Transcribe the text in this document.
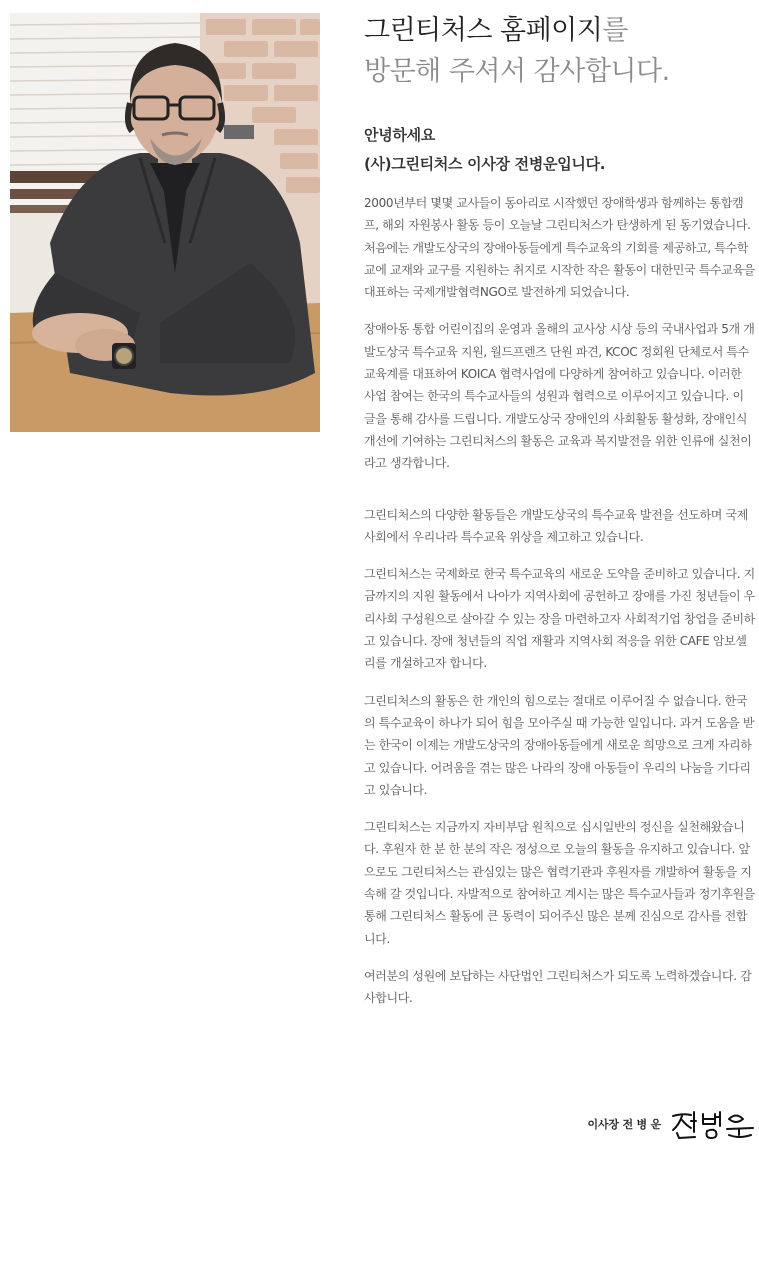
그린티처스 홈페이지를
방문해 주셔서 감사합니다.
안녕하세요
(사)그린티처스 이사장 전병운입니다.

2000년부터 몇몇 교사들이 동아리로 시작했던 장애학생과 함께하는 통합캠프, 해외 자원봉사 활동 등이 오늘날 그린티처스가 탄생하게 된 동기였습니다. 처음에는 개발도상국의 장애아동들에게 특수교육의 기회를 제공하고, 특수학교에 교재와 교구를 지원하는 취지로 시작한 작은 활동이 대한민국 특수교육을 대표하는 국제개발협력NGO로 발전하게 되었습니다.

장애아동 통합 어린이집의 운영과 올해의 교사상 시상 등의 국내사업과 5개 개발도상국 특수교육 지원, 월드프렌즈 단원 파견, KCOC 정회원 단체로서 특수교육계를 대표하여 KOICA 협력사업에 다양하게 참여하고 있습니다. 이러한 사업 참여는 한국의 특수교사들의 성원과 협력으로 이루어지고 있습니다. 이 글을 통해 감사를 드립니다. 개발도상국 장애인의 사회활동 활성화, 장애인식 개선에 기여하는 그린티처스의 활동은 교육과 복지발전을 위한 인류애 실천이라고 생각합니다.

그린티처스의 다양한 활동들은 개발도상국의 특수교육 발전을 선도하며 국제사회에서 우리나라 특수교육 위상을 제고하고 있습니다.

그린티처스는 국제화로 한국 특수교육의 새로운 도약을 준비하고 있습니다. 지금까지의 지원 활동에서 나아가 지역사회에 공헌하고 장애를 가진 청년들이 우리사회 구성원으로 살아갈 수 있는 장을 마련하고자 사회적기업 창업을 준비하고 있습니다. 장애 청년들의 직업 재활과 지역사회 적응을 위한 CAFE 암보셀리를 개설하고자 합니다.

그린티처스의 활동은 한 개인의 힘으로는 절대로 이루어질 수 없습니다. 한국의 특수교육이 하나가 되어 힘을 모아주실 때 가능한 일입니다. 과거 도움을 받는 한국이 이제는 개발도상국의 장애아동들에게 새로운 희망으로 크게 자리하고 있습니다. 어려움을 겪는 많은 나라의 장애 아동들이 우리의 나눔을 기다리고 있습니다.

그린티처스는 지금까지 자비부담 원칙으로 십시일반의 정신을 실천해왔습니다. 후원자 한 분 한 분의 작은 정성으로 오늘의 활동을 유지하고 있습니다. 앞으로도 그린티처스는 관심있는 많은 협력기관과 후원자를 개발하여 활동을 지속해 갈 것입니다. 자발적으로 참여하고 계시는 많은 특수교사들과 정기후원을 통해 그린티처스 활동에 큰 동력이 되어주신 많은 분께 진심으로 감사를 전합니다.

여러분의 성원에 보답하는 사단법인 그린티처스가 되도록 노력하겠습니다. 감사합니다.

이사장 전 병 운
